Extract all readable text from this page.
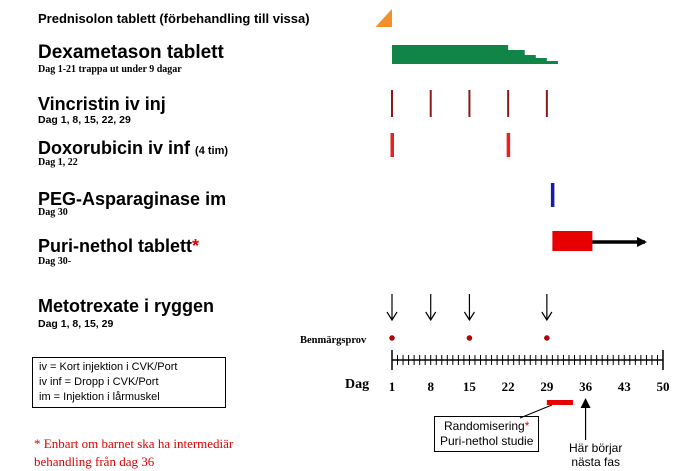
Prednisolon tablett (förbehandling till vissa)
Dexametason tablett
Dag 1-21 trappa ut under 9 dagar
Vincristin iv inj
Dag 1, 8, 15, 22, 29
Doxorubicin iv inf (4 tim)
Dag 1, 22
PEG-Asparaginase im
Dag 30
Puri-nethol tablett*
Dag 30-
Metotrexate i ryggen
Dag 1, 8, 15, 29
1 8 15 22 29 36 43 50
Benmärgsprov
Dag
iv = Kort injektion i CVK/Port
iv inf = Dropp i CVK/Port
im = Injektion i lårmuskel
* Enbart om barnet ska ha intermediär
behandling från dag 36
Randomisering*
Puri-nethol studie	Här börjar
nästa fas
